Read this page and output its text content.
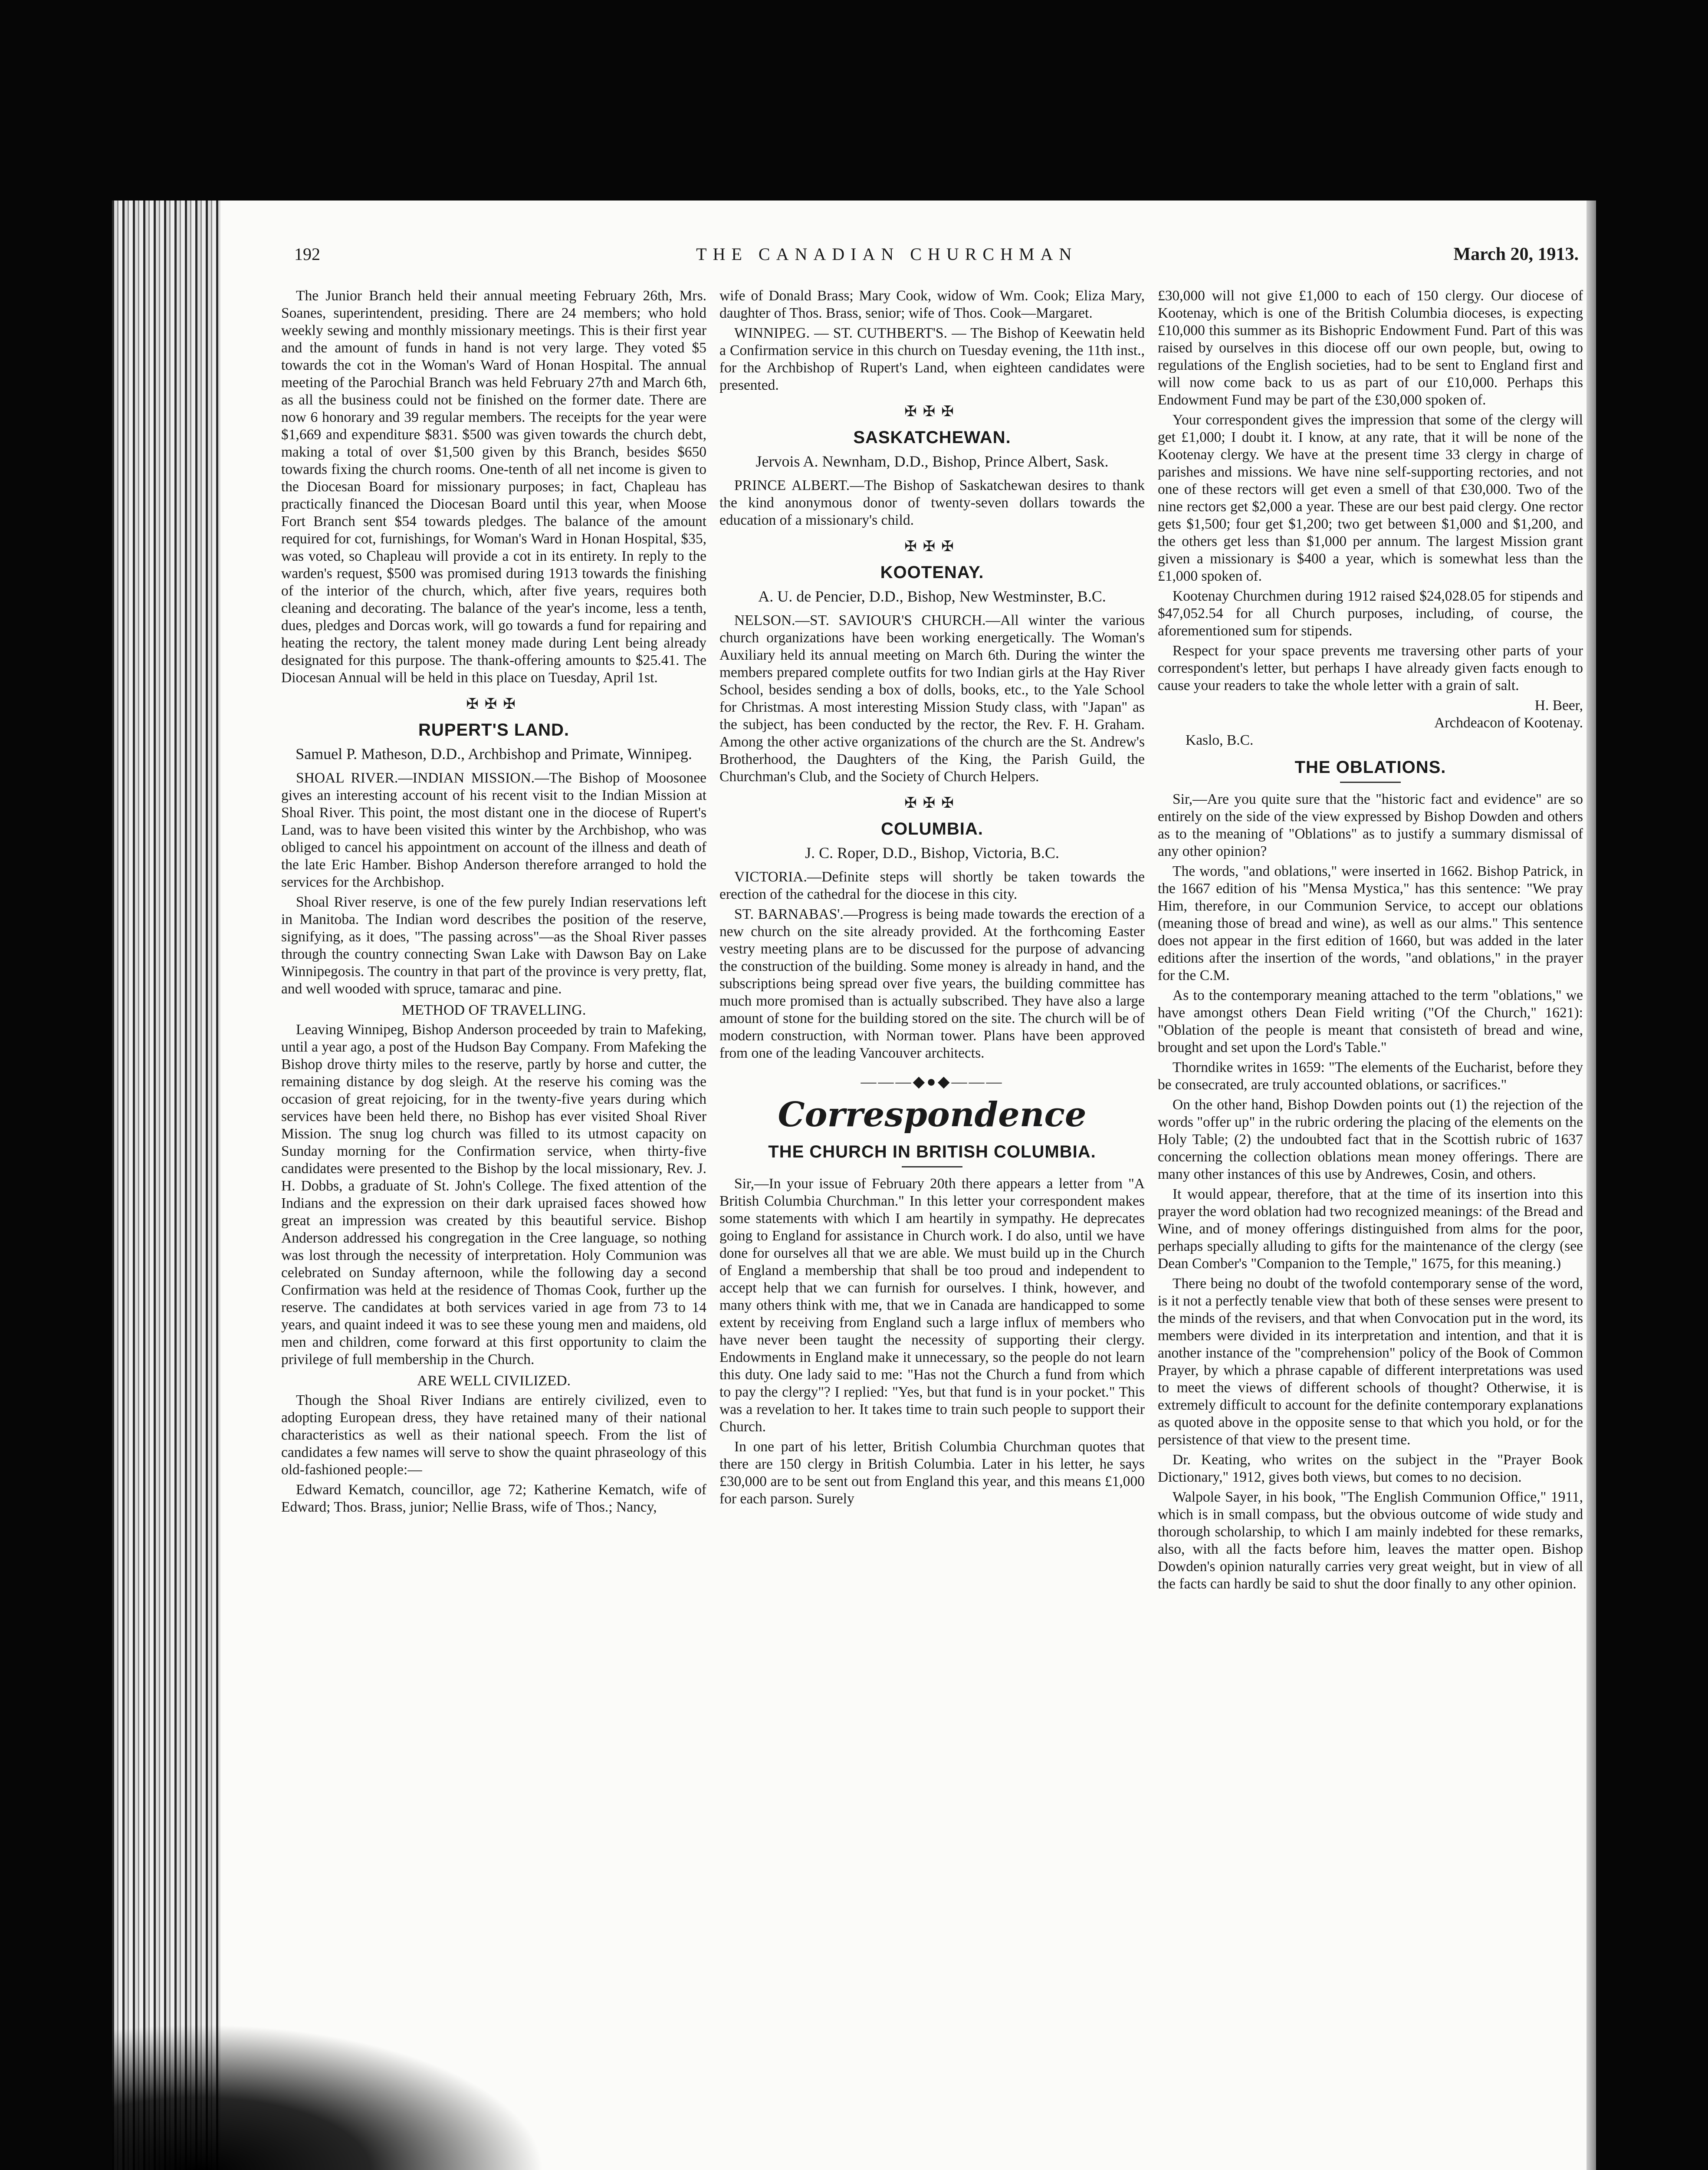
192	THE CANADIAN CHURCHMAN	March 20, 1913.

The Junior Branch held their annual meeting February 26th, Mrs. Soanes, superintendent, presiding. There are 24 members; who hold weekly sewing and monthly missionary meetings. This is their first year and the amount of funds in hand is not very large. They voted $5 towards the cot in the Woman's Ward of Honan Hospital. The annual meeting of the Parochial Branch was held February 27th and March 6th, as all the business could not be finished on the former date. There are now 6 honorary and 39 regular members. The receipts for the year were $1,669 and expenditure $831. $500 was given towards the church debt, making a total of over $1,500 given by this Branch, besides $650 towards fixing the church rooms. One-tenth of all net income is given to the Diocesan Board for missionary purposes; in fact, Chapleau has practically financed the Diocesan Board until this year, when Moose Fort Branch sent $54 towards pledges. The balance of the amount required for cot, furnishings, for Woman's Ward in Honan Hospital, $35, was voted, so Chapleau will provide a cot in its entirety. In reply to the warden's request, $500 was promised during 1913 towards the finishing of the interior of the church, which, after five years, requires both cleaning and decorating. The balance of the year's income, less a tenth, dues, pledges and Dorcas work, will go towards a fund for repairing and heating the rectory, the talent money made during Lent being already designated for this purpose. The thank-offering amounts to $25.41. The Diocesan Annual will be held in this place on Tuesday, April 1st.

✠✠✠
RUPERT'S LAND.
Samuel P. Matheson, D.D., Archbishop and Primate, Winnipeg.

SHOAL RIVER.—INDIAN MISSION.—The Bishop of Moosonee gives an interesting account of his recent visit to the Indian Mission at Shoal River. This point, the most distant one in the diocese of Rupert's Land, was to have been visited this winter by the Archbishop, who was obliged to cancel his appointment on account of the illness and death of the late Eric Hamber. Bishop Anderson therefore arranged to hold the services for the Archbishop.

Shoal River reserve, is one of the few purely Indian reservations left in Manitoba. The Indian word describes the position of the reserve, signifying, as it does, "The passing across"—as the Shoal River passes through the country connecting Swan Lake with Dawson Bay on Lake Winnipegosis. The country in that part of the province is very pretty, flat, and well wooded with spruce, tamarac and pine.

METHOD OF TRAVELLING.

Leaving Winnipeg, Bishop Anderson proceeded by train to Mafeking, until a year ago, a post of the Hudson Bay Company. From Mafeking the Bishop drove thirty miles to the reserve, partly by horse and cutter, the remaining distance by dog sleigh. At the reserve his coming was the occasion of great rejoicing, for in the twenty-five years during which services have been held there, no Bishop has ever visited Shoal River Mission. The snug log church was filled to its utmost capacity on Sunday morning for the Confirmation service, when thirty-five candidates were presented to the Bishop by the local missionary, Rev. J. H. Dobbs, a graduate of St. John's College. The fixed attention of the Indians and the expression on their dark upraised faces showed how great an impression was created by this beautiful service. Bishop Anderson addressed his congregation in the Cree language, so nothing was lost through the necessity of interpretation. Holy Communion was celebrated on Sunday afternoon, while the following day a second Confirmation was held at the residence of Thomas Cook, further up the reserve. The candidates at both services varied in age from 73 to 14 years, and quaint indeed it was to see these young men and maidens, old men and children, come forward at this first opportunity to claim the privilege of full membership in the Church.

ARE WELL CIVILIZED.

Though the Shoal River Indians are entirely civilized, even to adopting European dress, they have retained many of their national characteristics as well as their national speech. From the list of candidates a few names will serve to show the quaint phraseology of this old-fashioned people:—

Edward Kematch, councillor, age 72; Katherine Kematch, wife of Edward; Thos. Brass, junior; Nellie Brass, wife of Thos.; Nancy,

wife of Donald Brass; Mary Cook, widow of Wm. Cook; Eliza Mary, daughter of Thos. Brass, senior; wife of Thos. Cook—Margaret.

WINNIPEG. — ST. CUTHBERT'S. — The Bishop of Keewatin held a Confirmation service in this church on Tuesday evening, the 11th inst., for the Archbishop of Rupert's Land, when eighteen candidates were presented.

✠✠✠
SASKATCHEWAN.
Jervois A. Newnham, D.D., Bishop, Prince Albert, Sask.

PRINCE ALBERT.—The Bishop of Saskatchewan desires to thank the kind anonymous donor of twenty-seven dollars towards the education of a missionary's child.

✠✠✠
KOOTENAY.
A. U. de Pencier, D.D., Bishop, New Westminster, B.C.

NELSON.—ST. SAVIOUR'S CHURCH.—All winter the various church organizations have been working energetically. The Woman's Auxiliary held its annual meeting on March 6th. During the winter the members prepared complete outfits for two Indian girls at the Hay River School, besides sending a box of dolls, books, etc., to the Yale School for Christmas. A most interesting Mission Study class, with "Japan" as the subject, has been conducted by the rector, the Rev. F. H. Graham. Among the other active organizations of the church are the St. Andrew's Brotherhood, the Daughters of the King, the Parish Guild, the Churchman's Club, and the Society of Church Helpers.

✠✠✠
COLUMBIA.
J. C. Roper, D.D., Bishop, Victoria, B.C.

VICTORIA.—Definite steps will shortly be taken towards the erection of the cathedral for the diocese in this city.

ST. BARNABAS'.—Progress is being made towards the erection of a new church on the site already provided. At the forthcoming Easter vestry meeting plans are to be discussed for the purpose of advancing the construction of the building. Some money is already in hand, and the subscriptions being spread over five years, the building committee has much more promised than is actually subscribed. They have also a large amount of stone for the building stored on the site. The church will be of modern construction, with Norman tower. Plans have been approved from one of the leading Vancouver architects.

———◆●◆———
Correspondence
THE CHURCH IN BRITISH COLUMBIA.

Sir,—In your issue of February 20th there appears a letter from "A British Columbia Churchman." In this letter your correspondent makes some statements with which I am heartily in sympathy. He deprecates going to England for assistance in Church work. I do also, until we have done for ourselves all that we are able. We must build up in the Church of England a membership that shall be too proud and independent to accept help that we can furnish for ourselves. I think, however, and many others think with me, that we in Canada are handicapped to some extent by receiving from England such a large influx of members who have never been taught the necessity of supporting their clergy. Endowments in England make it unnecessary, so the people do not learn this duty. One lady said to me: "Has not the Church a fund from which to pay the clergy"? I replied: "Yes, but that fund is in your pocket." This was a revelation to her. It takes time to train such people to support their Church.

In one part of his letter, British Columbia Churchman quotes that there are 150 clergy in British Columbia. Later in his letter, he says £30,000 are to be sent out from England this year, and this means £1,000 for each parson. Surely

£30,000 will not give £1,000 to each of 150 clergy. Our diocese of Kootenay, which is one of the British Columbia dioceses, is expecting £10,000 this summer as its Bishopric Endowment Fund. Part of this was raised by ourselves in this diocese off our own people, but, owing to regulations of the English societies, had to be sent to England first and will now come back to us as part of our £10,000. Perhaps this Endowment Fund may be part of the £30,000 spoken of.

Your correspondent gives the impression that some of the clergy will get £1,000; I doubt it. I know, at any rate, that it will be none of the Kootenay clergy. We have at the present time 33 clergy in charge of parishes and missions. We have nine self-supporting rectories, and not one of these rectors will get even a smell of that £30,000. Two of the nine rectors get $2,000 a year. These are our best paid clergy. One rector gets $1,500; four get $1,200; two get between $1,000 and $1,200, and the others get less than $1,000 per annum. The largest Mission grant given a missionary is $400 a year, which is somewhat less than the £1,000 spoken of.

Kootenay Churchmen during 1912 raised $24,028.05 for stipends and $47,052.54 for all Church purposes, including, of course, the aforementioned sum for stipends.

Respect for your space prevents me traversing other parts of your correspondent's letter, but perhaps I have already given facts enough to cause your readers to take the whole letter with a grain of salt.

H. Beer,

Archdeacon of Kootenay.

Kaslo, B.C.

THE OBLATIONS.

Sir,—Are you quite sure that the "historic fact and evidence" are so entirely on the side of the view expressed by Bishop Dowden and others as to the meaning of "Oblations" as to justify a summary dismissal of any other opinion?

The words, "and oblations," were inserted in 1662. Bishop Patrick, in the 1667 edition of his "Mensa Mystica," has this sentence: "We pray Him, therefore, in our Communion Service, to accept our oblations (meaning those of bread and wine), as well as our alms." This sentence does not appear in the first edition of 1660, but was added in the later editions after the insertion of the words, "and oblations," in the prayer for the C.M.

As to the contemporary meaning attached to the term "oblations," we have amongst others Dean Field writing ("Of the Church," 1621): "Oblation of the people is meant that consisteth of bread and wine, brought and set upon the Lord's Table."

Thorndike writes in 1659: "The elements of the Eucharist, before they be consecrated, are truly accounted oblations, or sacrifices."

On the other hand, Bishop Dowden points out (1) the rejection of the words "offer up" in the rubric ordering the placing of the elements on the Holy Table; (2) the undoubted fact that in the Scottish rubric of 1637 concerning the collection oblations mean money offerings. There are many other instances of this use by Andrewes, Cosin, and others.

It would appear, therefore, that at the time of its insertion into this prayer the word oblation had two recognized meanings: of the Bread and Wine, and of money offerings distinguished from alms for the poor, perhaps specially alluding to gifts for the maintenance of the clergy (see Dean Comber's "Companion to the Temple," 1675, for this meaning.)

There being no doubt of the twofold contemporary sense of the word, is it not a perfectly tenable view that both of these senses were present to the minds of the revisers, and that when Convocation put in the word, its members were divided in its interpretation and intention, and that it is another instance of the "comprehension" policy of the Book of Common Prayer, by which a phrase capable of different interpretations was used to meet the views of different schools of thought? Otherwise, it is extremely difficult to account for the definite contemporary explanations as quoted above in the opposite sense to that which you hold, or for the persistence of that view to the present time.

Dr. Keating, who writes on the subject in the "Prayer Book Dictionary," 1912, gives both views, but comes to no decision.

Walpole Sayer, in his book, "The English Communion Office," 1911, which is in small compass, but the obvious outcome of wide study and thorough scholarship, to which I am mainly indebted for these remarks, also, with all the facts before him, leaves the matter open. Bishop Dowden's opinion naturally carries very great weight, but in view of all the facts can hardly be said to shut the door finally to any other opinion.
